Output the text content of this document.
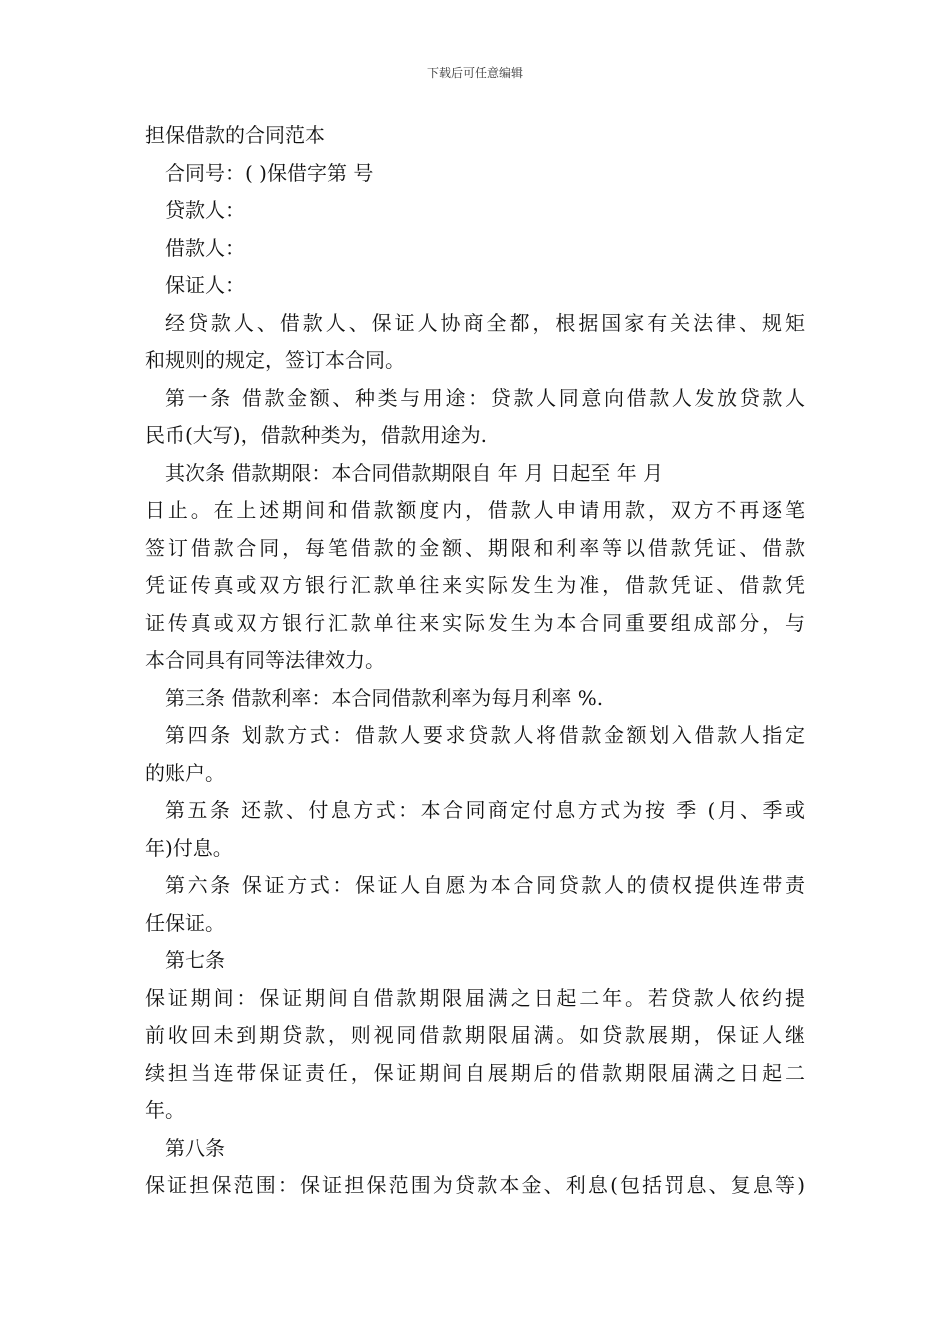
下载后可任意编辑
担保借款的合同范本
合同号：( )保借字第 号
贷款人：
借款人：
保证人：
经贷款人、借款人、保证人协商全都，根据国家有关法律、规矩
和规则的规定，签订本合同。
第一条 借款金额、种类与用途：贷款人同意向借款人发放贷款人
民币(大写)，借款种类为，借款用途为.
其次条 借款期限：本合同借款期限自 年 月 日起至 年 月
日止。在上述期间和借款额度内，借款人申请用款，双方不再逐笔
签订借款合同，每笔借款的金额、期限和利率等以借款凭证、借款
凭证传真或双方银行汇款单往来实际发生为准，借款凭证、借款凭
证传真或双方银行汇款单往来实际发生为本合同重要组成部分，与
本合同具有同等法律效力。
第三条 借款利率：本合同借款利率为每月利率 %.
第四条 划款方式：借款人要求贷款人将借款金额划入借款人指定
的账户。
第五条 还款、付息方式：本合同商定付息方式为按 季 (月、季或
年)付息。
第六条 保证方式：保证人自愿为本合同贷款人的债权提供连带责
任保证。
第七条
保证期间：保证期间自借款期限届满之日起二年。若贷款人依约提
前收回未到期贷款，则视同借款期限届满。如贷款展期，保证人继
续担当连带保证责任，保证期间自展期后的借款期限届满之日起二
年。
第八条
保证担保范围：保证担保范围为贷款本金、利息(包括罚息、复息等)
